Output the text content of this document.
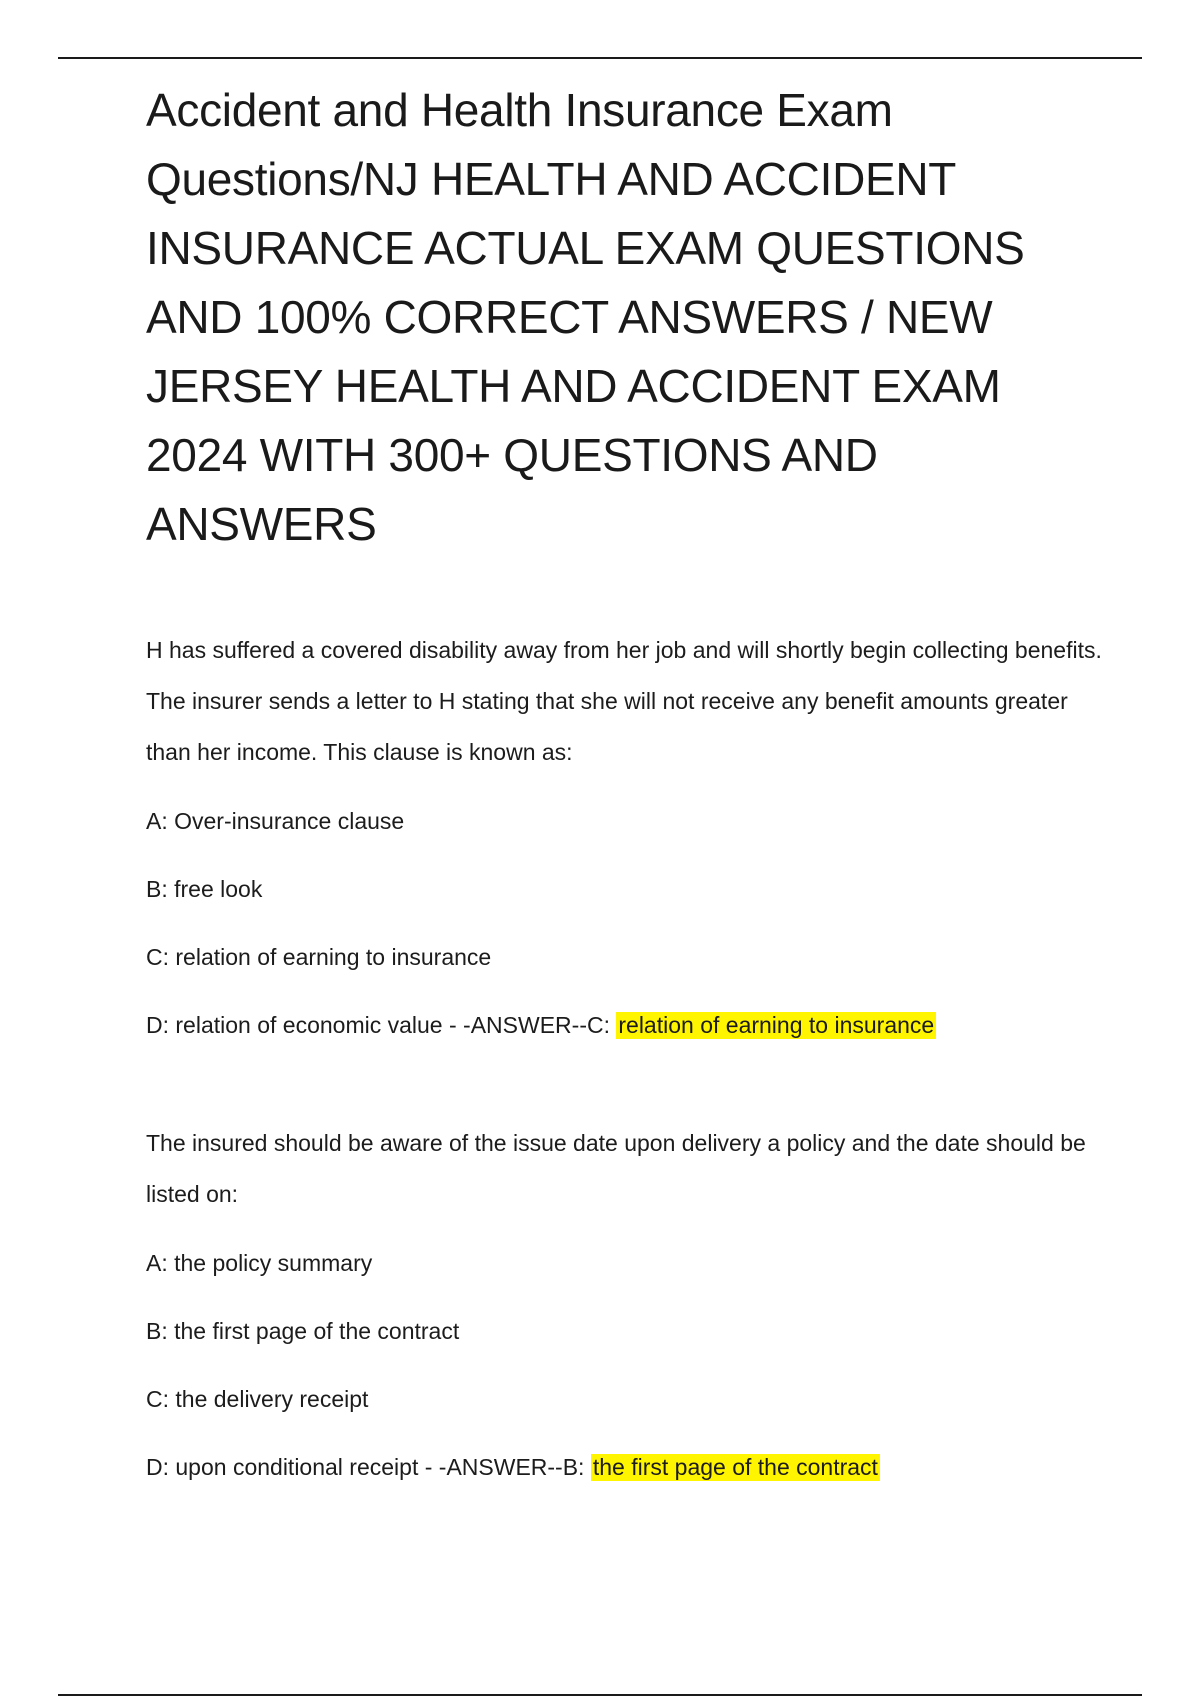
Accident and Health Insurance Exam Questions/NJ HEALTH AND ACCIDENT INSURANCE ACTUAL EXAM QUESTIONS AND 100% CORRECT ANSWERS / NEW JERSEY HEALTH AND ACCIDENT EXAM 2024 WITH 300+ QUESTIONS AND ANSWERS

H has suffered a covered disability away from her job and will shortly begin collecting benefits. The insurer sends a letter to H stating that she will not receive any benefit amounts greater than her income. This clause is known as:

A: Over-insurance clause

B: free look

C: relation of earning to insurance

D: relation of economic value - -ANSWER--C: relation of earning to insurance

The insured should be aware of the issue date upon delivery a policy and the date should be listed on:

A: the policy summary

B: the first page of the contract

C: the delivery receipt

D: upon conditional receipt - -ANSWER--B: the first page of the contract
